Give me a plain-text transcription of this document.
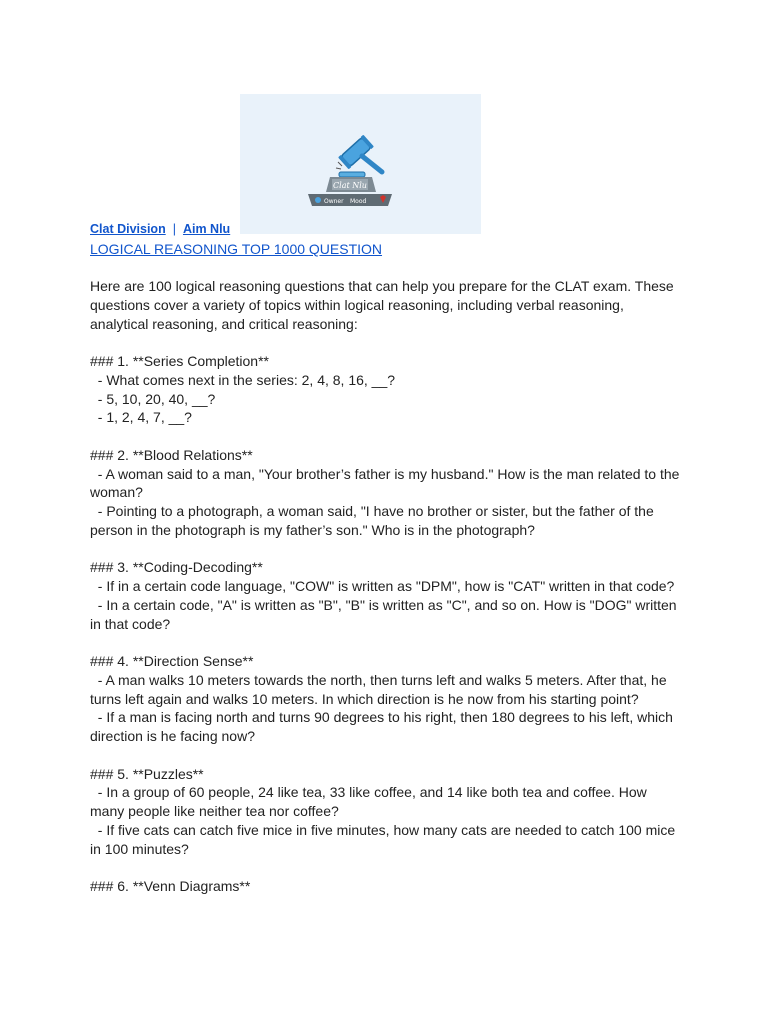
Clat Nlu
Owner Mood
Clat Division | Aim Nlu
LOGICAL REASONING TOP 1000 QUESTION

Here are 100 logical reasoning questions that can help you prepare for the CLAT exam. These questions cover a variety of topics within logical reasoning, including verbal reasoning, analytical reasoning, and critical reasoning:

### 1. **Series Completion**
- What comes next in the series: 2, 4, 8, 16, __?
- 5, 10, 20, 40, __?
- 1, 2, 4, 7, __?
### 2. **Blood Relations**
- A woman said to a man, "Your brother’s father is my husband." How is the man related to the woman?
- Pointing to a photograph, a woman said, "I have no brother or sister, but the father of the person in the photograph is my father’s son." Who is in the photograph?
### 3. **Coding-Decoding**
- If in a certain code language, "COW" is written as "DPM", how is "CAT" written in that code?
- In a certain code, "A" is written as "B", "B" is written as "C", and so on. How is "DOG" written in that code?
### 4. **Direction Sense**
- A man walks 10 meters towards the north, then turns left and walks 5 meters. After that, he turns left again and walks 10 meters. In which direction is he now from his starting point?
- If a man is facing north and turns 90 degrees to his right, then 180 degrees to his left, which direction is he facing now?
### 5. **Puzzles**
- In a group of 60 people, 24 like tea, 33 like coffee, and 14 like both tea and coffee. How many people like neither tea nor coffee?
- If five cats can catch five mice in five minutes, how many cats are needed to catch 100 mice in 100 minutes?
### 6. **Venn Diagrams**
